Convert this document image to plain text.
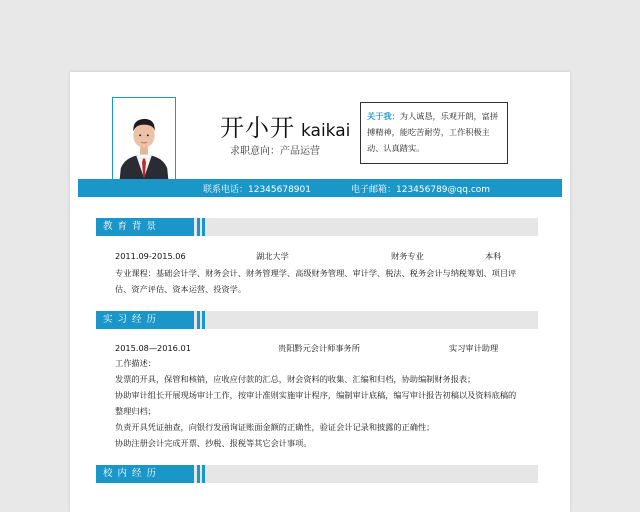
开小开 kaikai
求职意向：产品运营
关于我：为人诚恳，乐观开朗，富拼搏精神，能吃苦耐劳，工作积极主动、认真踏实。
联系电话：12345678901	电子邮箱：123456789@qq.com
教育背景
2011.09-2015.06	湖北大学	财务专业	本科

专业课程：基础会计学、财务会计、财务管理学、高级财务管理、审计学、税法、税务会计与纳税筹划、项目评估、资产评估、资本运营、投资学。

实习经历
2015.08—2016.01	贵阳黔元会计师事务所	实习审计助理

工作描述：

发票的开具，保管和核销，应收应付款的汇总，财会资料的收集、汇编和归档，协助编制财务报表；

协助审计组长开展现场审计工作，按审计准则实施审计程序，编制审计底稿，编写审计报告初稿以及资料底稿的整理归档；

负责开具凭证抽查，向银行发函询证账面金额的正确性，验证会计记录和披露的正确性；

协助注册会计完成开票、抄税、报税等其它会计事项。

校内经历
